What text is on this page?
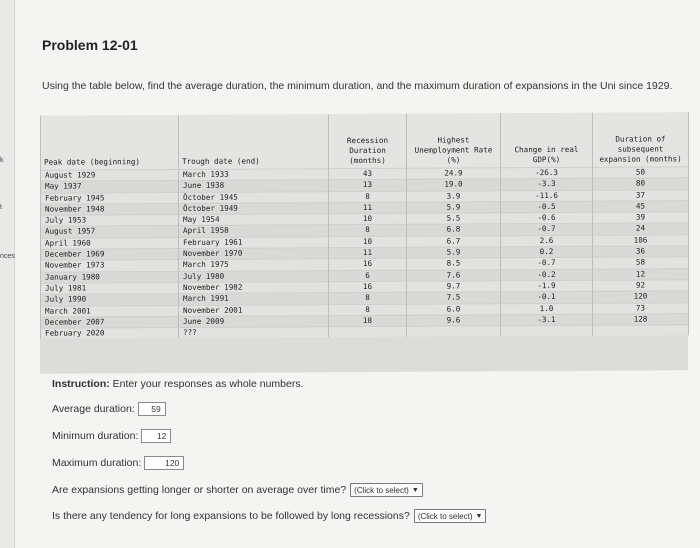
k
t
nces
Problem 12-01
Using the table below, find the average duration, the minimum duration, and the maximum duration of expansions in the Uni since 1929.
Peak date (beginning)	Trough date (end)	Recession Duration (months)	Highest Unemployment Rate (%)	Change in real GDP(%)	Duration of subsequent expansion (months)
August 1929	March 1933	43	24.9	-26.3	50
May 1937	June 1938	13	19.0	-3.3	80
February 1945	Ôctober 1945	8	3.9	-11.6	37
November 1948	Ôctober 1949	11	5.9	-0.5	45
July 1953	May 1954	10	5.5	-0.6	39
August 1957	April 1958	8	6.8	-0.7	24
April 1960	February 1961	10	6.7	2.6	106
December 1969	November 1970	11	5.9	0.2	36
November 1973	March 1975	16	8.5	-0.7	58
January 1980	July 1980	6	7.6	-0.2	12
July 1981	November 1982	16	9.7	-1.9	92
July 1990	March 1991	8	7.5	-0.1	120
March 2001	November 2001	8	6.0	1.0	73
December 2007	June 2009	18	9.6	-3.1	128
February 2020	???				
Instruction: Enter your responses as whole numbers.
Average duration:	59
Minimum duration:	12
Maximum duration:	120
Are expansions getting longer or shorter on average over time? (Click to select) ▼
Is there any tendency for long expansions to be followed by long recessions? (Click to select) ▼
